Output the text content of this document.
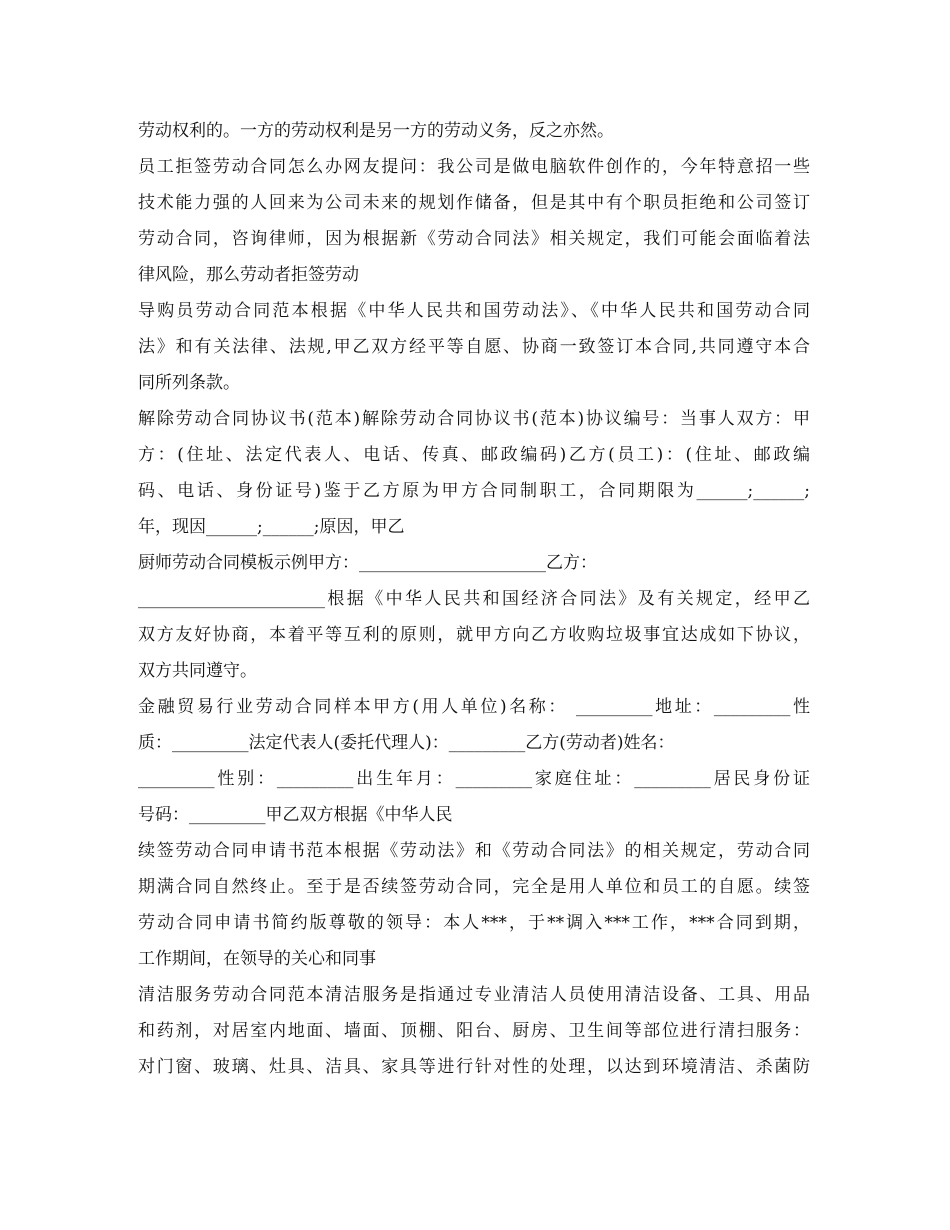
劳动权利的。一方的劳动权利是另一方的劳动义务，反之亦然。
员工拒签劳动合同怎么办网友提问：我公司是做电脑软件创作的，今年特意招一些
技术能力强的人回来为公司未来的规划作储备，但是其中有个职员拒绝和公司签订
劳动合同，咨询律师，因为根据新《劳动合同法》相关规定，我们可能会面临着法
律风险，那么劳动者拒签劳动
导购员劳动合同范本根据《中华人民共和国劳动法》、《中华人民共和国劳动合同
法》和有关法律、法规,甲乙双方经平等自愿、协商一致签订本合同,共同遵守本合
同所列条款。
解除劳动合同协议书(范本)解除劳动合同协议书(范本)协议编号：当事人双方：甲
方：(住址、法定代表人、电话、传真、邮政编码)乙方(员工)：(住址、邮政编
码、电话、身份证号)鉴于乙方原为甲方合同制职工，合同期限为______;______;
年，现因______;______;原因，甲乙
厨师劳动合同模板示例甲方：______________________乙方：
______________________根据《中华人民共和国经济合同法》及有关规定，经甲乙
双方友好协商，本着平等互利的原则，就甲方向乙方收购垃圾事宜达成如下协议，
双方共同遵守。
金融贸易行业劳动合同样本甲方(用人单位)名称： _________地址：_________性
质：_________法定代表人(委托代理人)：_________乙方(劳动者)姓名：
_________性别：_________出生年月：_________家庭住址：_________居民身份证
号码：_________甲乙双方根据《中华人民
续签劳动合同申请书范本根据《劳动法》和《劳动合同法》的相关规定，劳动合同
期满合同自然终止。至于是否续签劳动合同，完全是用人单位和员工的自愿。续签
劳动合同申请书简约版尊敬的领导：本人***，于**调入***工作，***合同到期，
工作期间，在领导的关心和同事
清洁服务劳动合同范本清洁服务是指通过专业清洁人员使用清洁设备、工具、用品
和药剂，对居室内地面、墙面、顶棚、阳台、厨房、卫生间等部位进行清扫服务：
对门窗、玻璃、灶具、洁具、家具等进行针对性的处理，以达到环境清洁、杀菌防
